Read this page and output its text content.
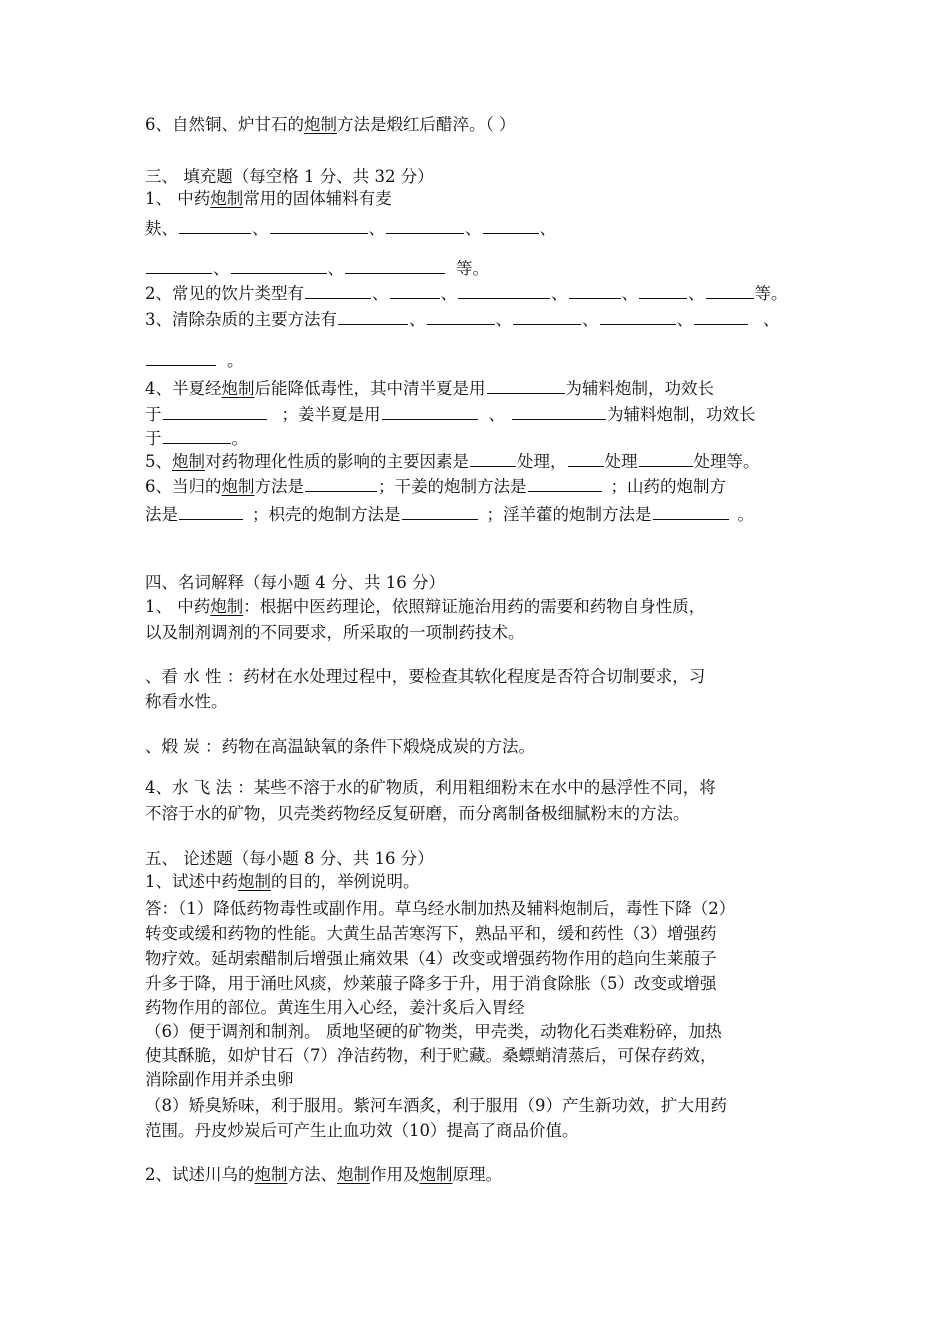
6、自然铜、炉甘石的炮制方法是煅红后醋淬。（ ）
三、 填充题（每空格 1 分、共 32 分）
1、 中药炮制常用的固体辅料有麦
麸、	、	、	、	、
、	、	等。
2、常见的饮片类型有	、	、	、	、	、	等。
3、清除杂质的主要方法有	、	、	、	、	、
。
4、半夏经炮制后能降低毒性，其中清半夏是用	为辅料炮制，功效长
于	；姜半夏是用	、	为辅料炮制，功效长
于	。
5、炮制对药物理化性质的影响的主要因素是	处理， 处理	处理等。
6、当归的炮制方法是	；干姜的炮制方法是	；山药的炮制方
法是	；枳壳的炮制方法是	；淫羊藿的炮制方法是	。
四、名词解释（每小题 4 分、共 16 分）
1、 中药炮制：根据中医药理论，依照辩证施治用药的需要和药物自身性质，
以及制剂调剂的不同要求，所采取的一项制药技术。
、看 水 性 ：药材在水处理过程中，要检查其软化程度是否符合切制要求，习
称看水性。
、煅 炭 ：药物在高温缺氧的条件下煅烧成炭的方法。
4、水 飞 法 ：某些不溶于水的矿物质，利用粗细粉末在水中的悬浮性不同，将
不溶于水的矿物，贝壳类药物经反复研磨，而分离制备极细腻粉末的方法。
五、 论述题（每小题 8 分、共 16 分）
1、试述中药炮制的目的，举例说明。
答：（1）降低药物毒性或副作用。草乌经水制加热及辅料炮制后，毒性下降（2）
转变或缓和药物的性能。大黄生品苦寒泻下，熟品平和，缓和药性（3）增强药
物疗效。延胡索醋制后增强止痛效果（4）改变或增强药物作用的趋向生莱菔子
升多于降，用于涌吐风痰，炒莱菔子降多于升，用于消食除胀（5）改变或增强
药物作用的部位。黄连生用入心经，姜汁炙后入胃经
（6）便于调剂和制剂。 质地坚硬的矿物类，甲壳类，动物化石类难粉碎，加热
使其酥脆，如炉甘石（7）净洁药物，利于贮藏。桑螵蛸清蒸后，可保存药效，
消除副作用并杀虫卵
（8）矫臭矫味，利于服用。紫河车酒炙，利于服用（9）产生新功效，扩大用药
范围。丹皮炒炭后可产生止血功效（10）提高了商品价值。
2、试述川乌的炮制方法、炮制作用及炮制原理。
